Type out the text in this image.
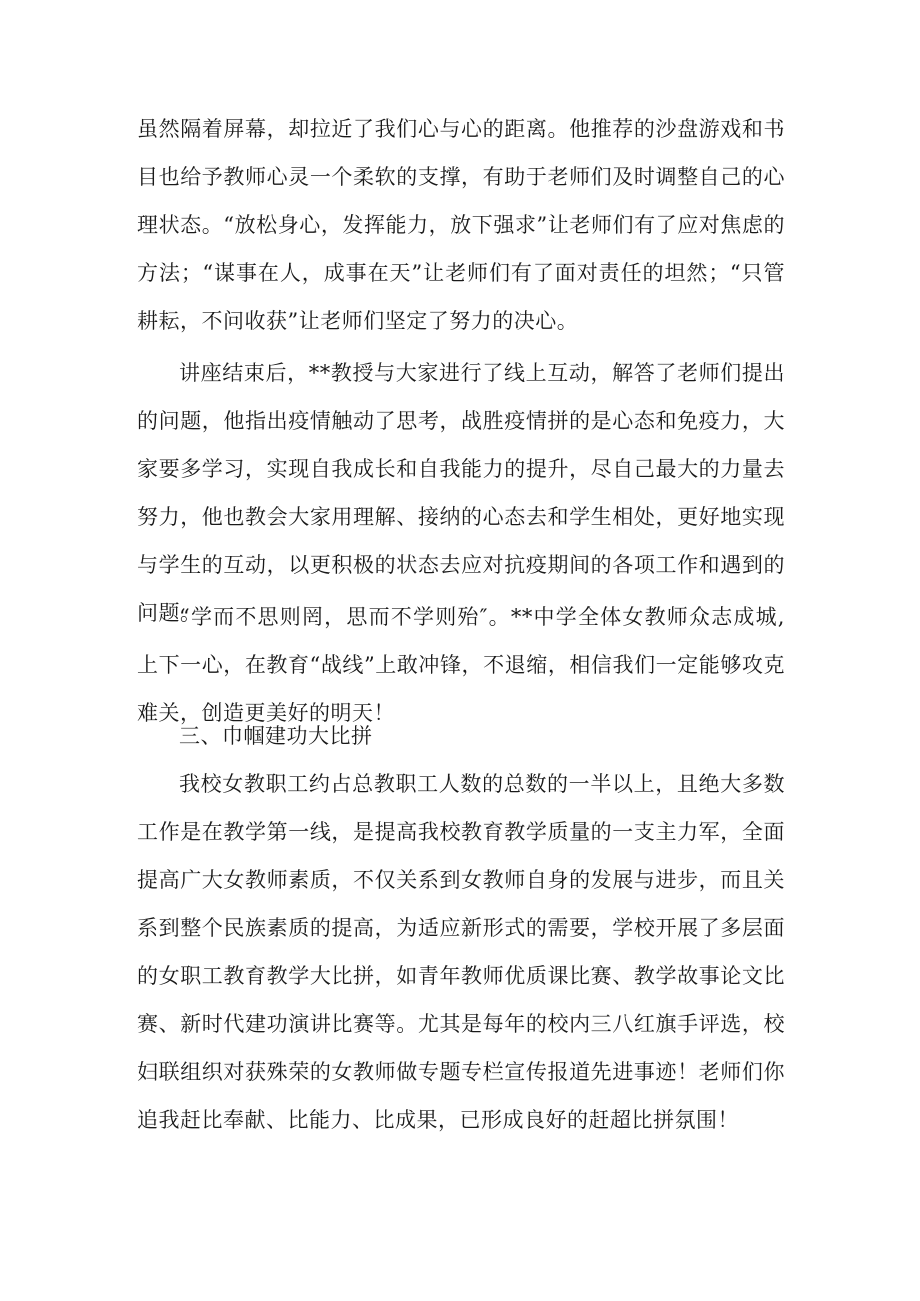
虽然隔着屏幕，却拉近了我们心与心的距离。他推荐的沙盘游戏和书目也给予教师心灵一个柔软的支撑，有助于老师们及时调整自己的心理状态。“放松身心，发挥能力，放下强求”让老师们有了应对焦虑的方法；“谋事在人，成事在天”让老师们有了面对责任的坦然；“只管耕耘，不问收获”让老师们坚定了努力的决心。

讲座结束后，**教授与大家进行了线上互动，解答了老师们提出的问题，他指出疫情触动了思考，战胜疫情拼的是心态和免疫力，大家要多学习，实现自我成长和自我能力的提升，尽自己最大的力量去努力，他也教会大家用理解、接纳的心态去和学生相处，更好地实现与学生的互动，以更积极的状态去应对抗疫期间的各项工作和遇到的问题。

“学而不思则罔，思而不学则殆″。**中学全体女教师众志成城,上下一心，在教育“战线”上敢冲锋，不退缩，相信我们一定能够攻克难关，创造更美好的明天！

三、巾帼建功大比拼

我校女教职工约占总教职工人数的总数的一半以上，且绝大多数工作是在教学第一线，是提高我校教育教学质量的一支主力军，全面提高广大女教师素质，不仅关系到女教师自身的发展与进步，而且关系到整个民族素质的提高，为适应新形式的需要，学校开展了多层面的女职工教育教学大比拼，如青年教师优质课比赛、教学故事论文比赛、新时代建功演讲比赛等。尤其是每年的校内三八红旗手评选，校妇联组织对获殊荣的女教师做专题专栏宣传报道先进事迹！老师们你追我赶比奉献、比能力、比成果，已形成良好的赶超比拼氛围！
